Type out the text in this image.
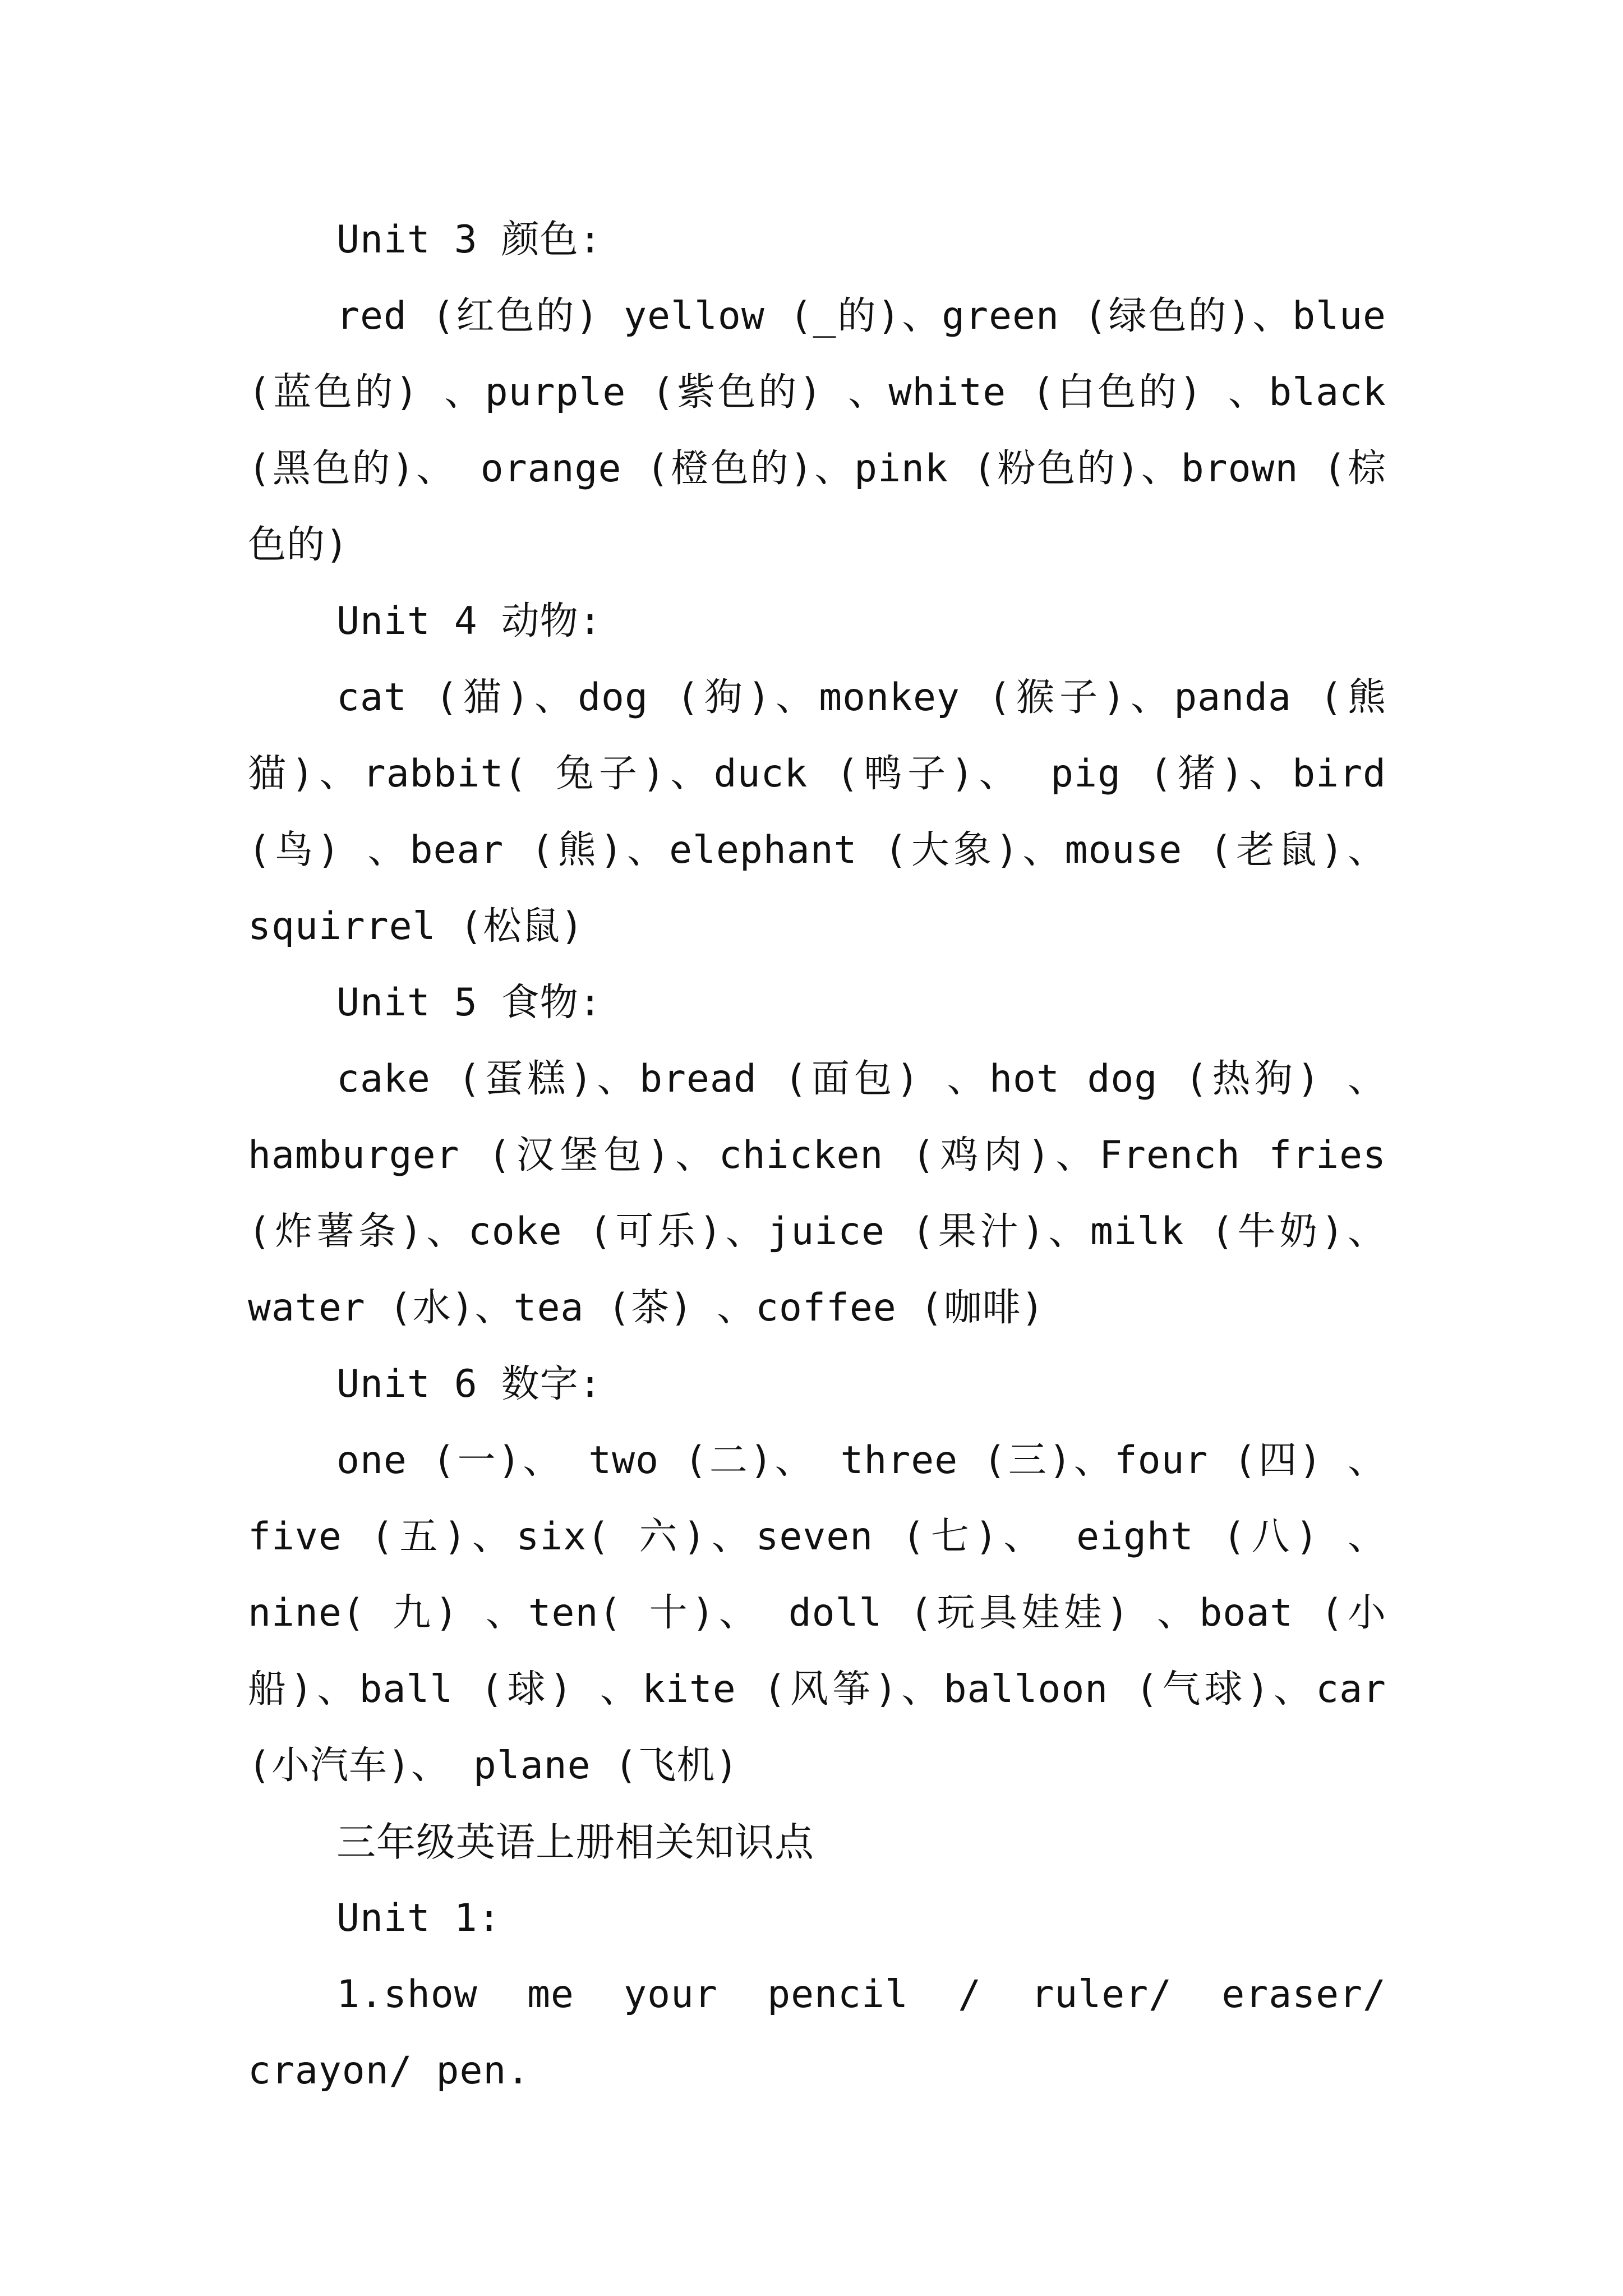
Unit 3 颜色:

red (红色的) yellow (_的)、green (绿色的)、blue (蓝色的) 、purple (紫色的) 、white (白色的) 、black (黑色的)、 orange (橙色的)、pink (粉色的)、brown (棕色的)

Unit 4 动物:

cat (猫)、dog (狗)、monkey (猴子)、panda (熊猫)、rabbit( 兔子)、duck (鸭子)、 pig (猪)、bird (鸟) 、bear (熊)、elephant (大象)、mouse (老鼠)、squirrel (松鼠)

Unit 5 食物:

cake (蛋糕)、bread (面包) 、hot dog (热狗) 、hamburger (汉堡包)、chicken (鸡肉)、French fries (炸薯条)、coke (可乐)、juice (果汁)、milk (牛奶)、water (水)、tea (茶) 、coffee (咖啡)

Unit 6 数字:

one (一)、 two (二)、 three (三)、four (四) 、five (五)、six( 六)、seven (七)、 eight (八) 、nine( 九) 、ten( 十)、 doll (玩具娃娃) 、boat (小船)、ball (球) 、kite (风筝)、balloon (气球)、car (小汽车)、 plane (飞机)

三年级英语上册相关知识点

Unit 1:

1.show me your pencil / ruler/ eraser/ crayon/ pen.
